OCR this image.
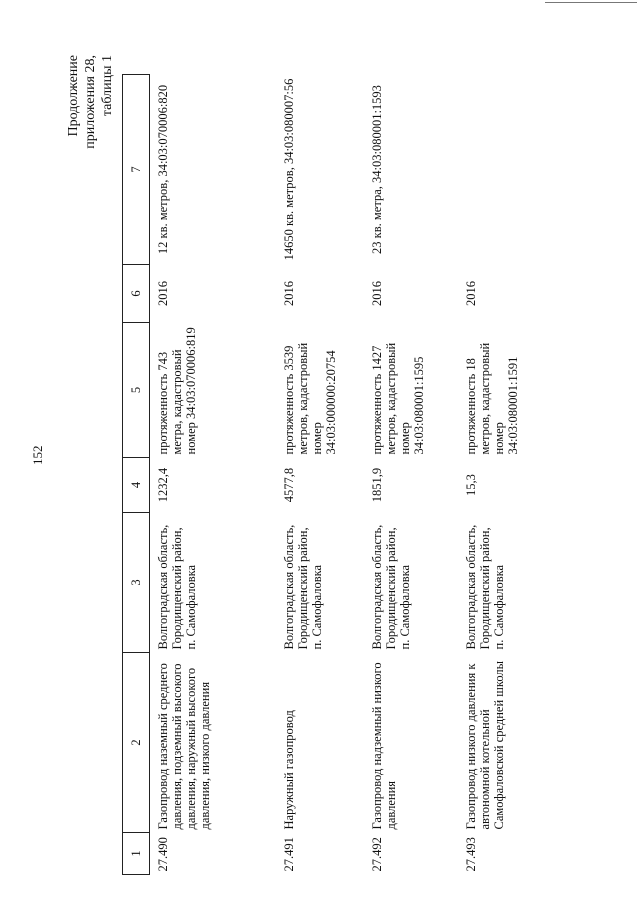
152
Продолжение приложения 28, таблицы 1
1	2	3	4	5	6	7
27.490	Газопровод наземный среднего давления, подземный высокого давления, наружный высокого давления, низкого давления	Волгоградская область, Городищенский район, п. Самофаловка	1232,4	протяженность 743 метра, кадастровый номер 34:03:070006:819	2016	12 кв. метров, 34:03:070006:820
27.491	Наружный газопровод	Волгоградская область, Городищенский район, п. Самофаловка	4577,8	протяженность 3539 метров, кадастровый номер 34:03:000000:20754	2016	14650 кв. метров, 34:03:080007:56
27.492	Газопровод надземный низкого давления	Волгоградская область, Городищенский район, п. Самофаловка	1851,9	протяженность 1427 метров, кадастровый номер 34:03:080001:1595	2016	23 кв. метра, 34:03:080001:1593
27.493	Газопровод низкого давления к автономной котельной Самофаловской средней школы	Волгоградская область, Городищенский район, п. Самофаловка	15,3	протяженность 18 метров, кадастровый номер 34:03:080001:1591	2016	
